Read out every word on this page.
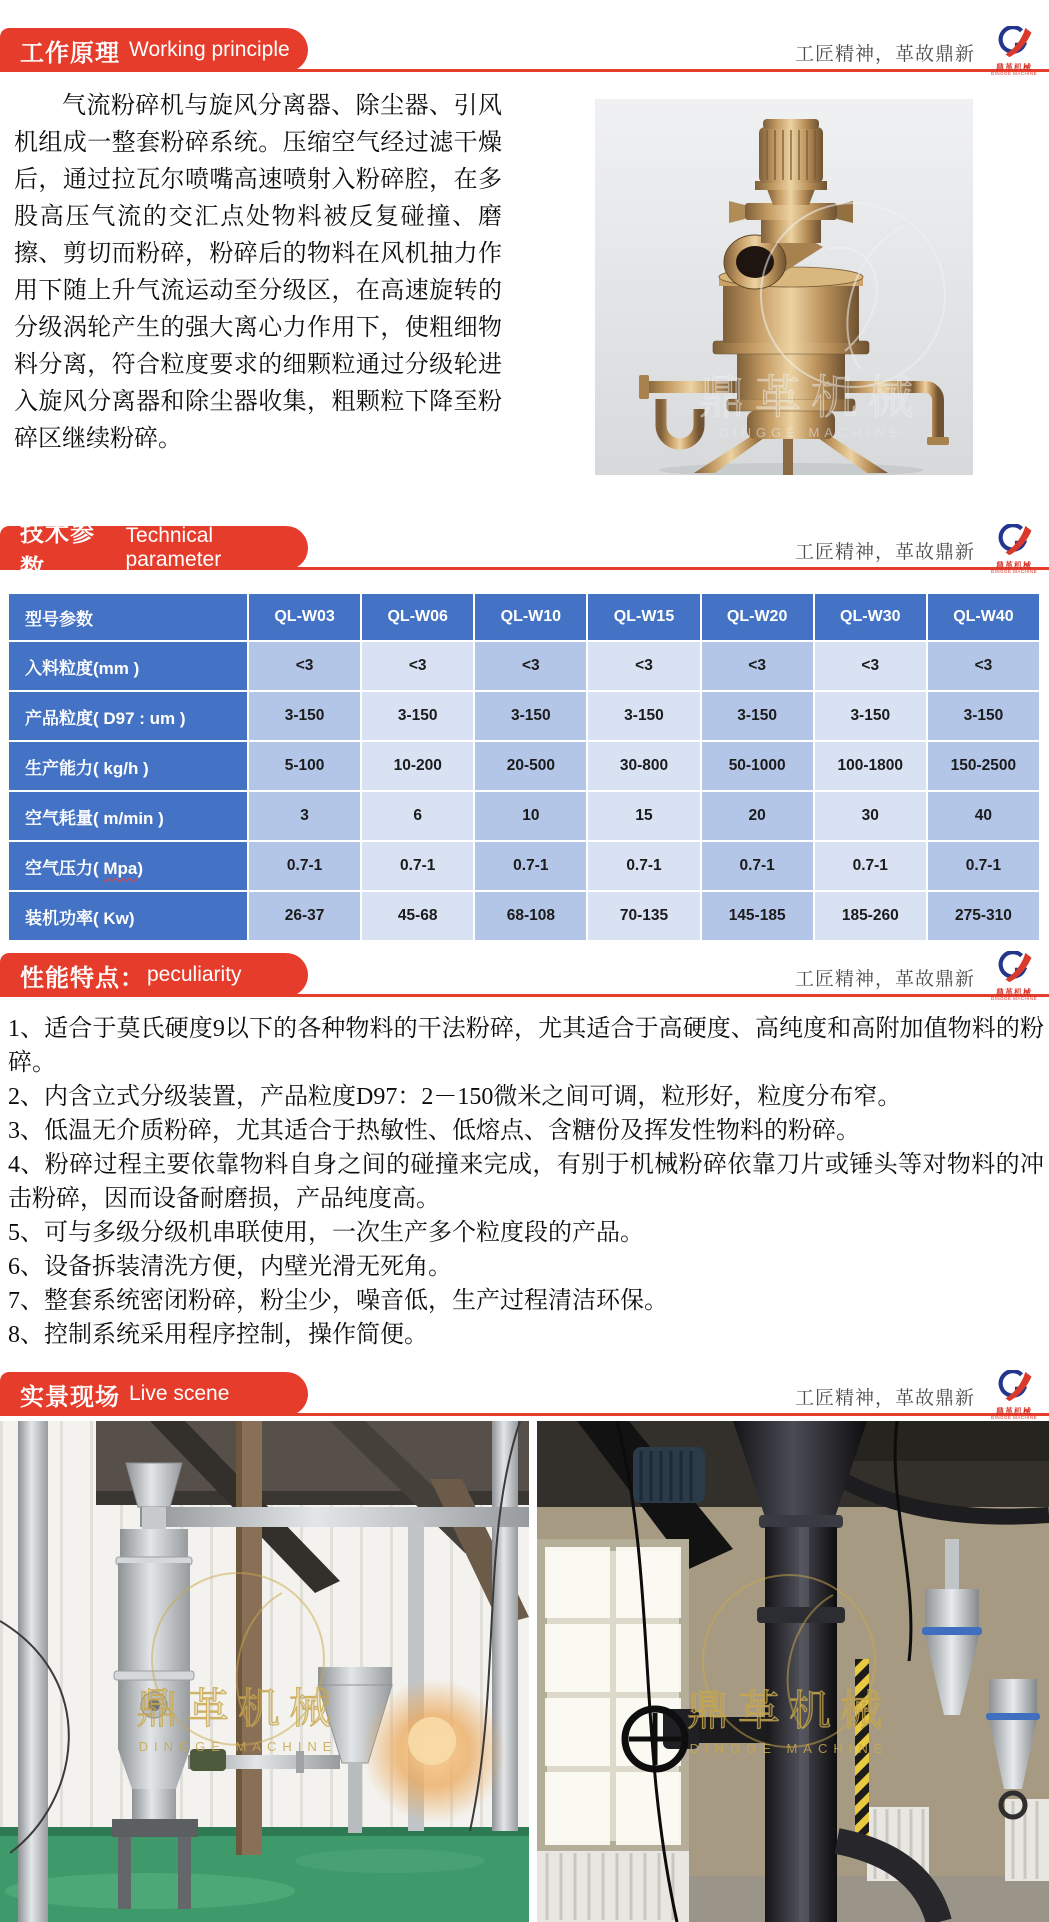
工作原理 Working principle	工匠精神，革故鼎新
鼎革机械
DINGGE MACHINE
气流粉碎机与旋风分离器、除尘器、引风机组成一整套粉碎系统。压缩空气经过滤干燥后，通过拉瓦尔喷嘴高速喷射入粉碎腔，在多股高压气流的交汇点处物料被反复碰撞、磨擦、剪切而粉碎，粉碎后的物料在风机抽力作用下随上升气流运动至分级区，在高速旋转的分级涡轮产生的强大离心力作用下，使粗细物料分离，符合粒度要求的细颗粒通过分级轮进入旋风分离器和除尘器收集，粗颗粒下降至粉碎区继续粉碎。
鼎革机械
DINGGE MACHINE
技术参数
Technical parameter	工匠精神，革故鼎新
鼎革机械
DINGGE MACHINE
型号参数	QL-W03	QL-W06	QL-W10	QL-W15	QL-W20	QL-W30	QL-W40
入料粒度(mm )	<3	<3	<3	<3	<3	<3	<3
产品粒度( D97 : um )	3-150	3-150	3-150	3-150	3-150	3-150	3-150
生产能力( kg/h )	5-100	10-200	20-500	30-800	50-1000	100-1800	150-2500
空气耗量( m/min )	3	6	10	15	20	30	40
空气压力( Mpa)	0.7-1	0.7-1	0.7-1	0.7-1	0.7-1	0.7-1	0.7-1
装机功率( Kw)	26-37	45-68	68-108	70-135	145-185	185-260	275-310
性能特点： peculiarity	工匠精神，革故鼎新
鼎革机械
DINGGE MACHINE

1、适合于莫氏硬度9以下的各种物料的干法粉碎，尤其适合于高硬度、高纯度和高附加值物料的粉碎。

2、内含立式分级装置，产品粒度D97：2－150微米之间可调，粒形好，粒度分布窄。

3、低温无介质粉碎，尤其适合于热敏性、低熔点、含糖份及挥发性物料的粉碎。

4、粉碎过程主要依靠物料自身之间的碰撞来完成，有别于机械粉碎依靠刀片或锤头等对物料的冲击粉碎，因而设备耐磨损，产品纯度高。

5、可与多级分级机串联使用，一次生产多个粒度段的产品。

6、设备拆装清洗方便，内壁光滑无死角。

7、整套系统密闭粉碎，粉尘少，噪音低，生产过程清洁环保。

8、控制系统采用程序控制，操作简便。

实景现场 Live scene	工匠精神，革故鼎新
鼎革机械
DINGGE MACHINE
鼎革机械
DINGGE MACHINE
鼎革机械
DINGGE MACHINE
